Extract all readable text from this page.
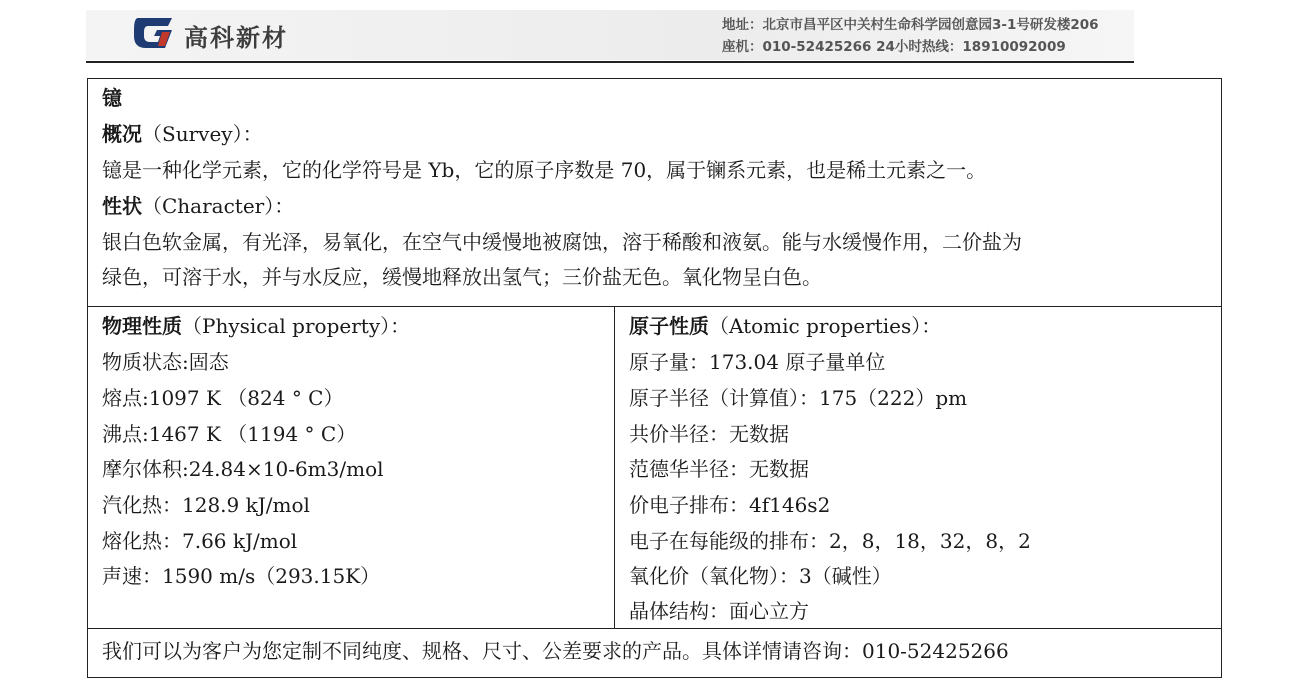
高科新材	地址：北京市昌平区中关村生命科学园创意园3-1号研发楼206
座机：010-52425266 24小时热线：18910092009
镱
概况（Survey）：
镱是一种化学元素，它的化学符号是 Yb，它的原子序数是 70，属于镧系元素，也是稀土元素之一。
性状（Character）：
银白色软金属，有光泽，易氧化，在空气中缓慢地被腐蚀，溶于稀酸和液氨。能与水缓慢作用，二价盐为
绿色，可溶于水，并与水反应，缓慢地释放出氢气；三价盐无色。氧化物呈白色。
物理性质（Physical property）：
物质状态:固态
熔点:1097 K （824 ° C）
沸点:1467 K （1194 ° C）
摩尔体积:24.84×10-6m3/mol
汽化热：128.9 kJ/mol
熔化热：7.66 kJ/mol
声速：1590 m/s（293.15K）
原子性质（Atomic properties）：
原子量：173.04 原子量单位
原子半径（计算值）：175（222）pm
共价半径：无数据
范德华半径：无数据
价电子排布：4f146s2
电子在每能级的排布：2，8，18，32，8，2
氧化价（氧化物）：3（碱性）
晶体结构：面心立方
我们可以为客户为您定制不同纯度、规格、尺寸、公差要求的产品。具体详情请咨询：010-52425266
